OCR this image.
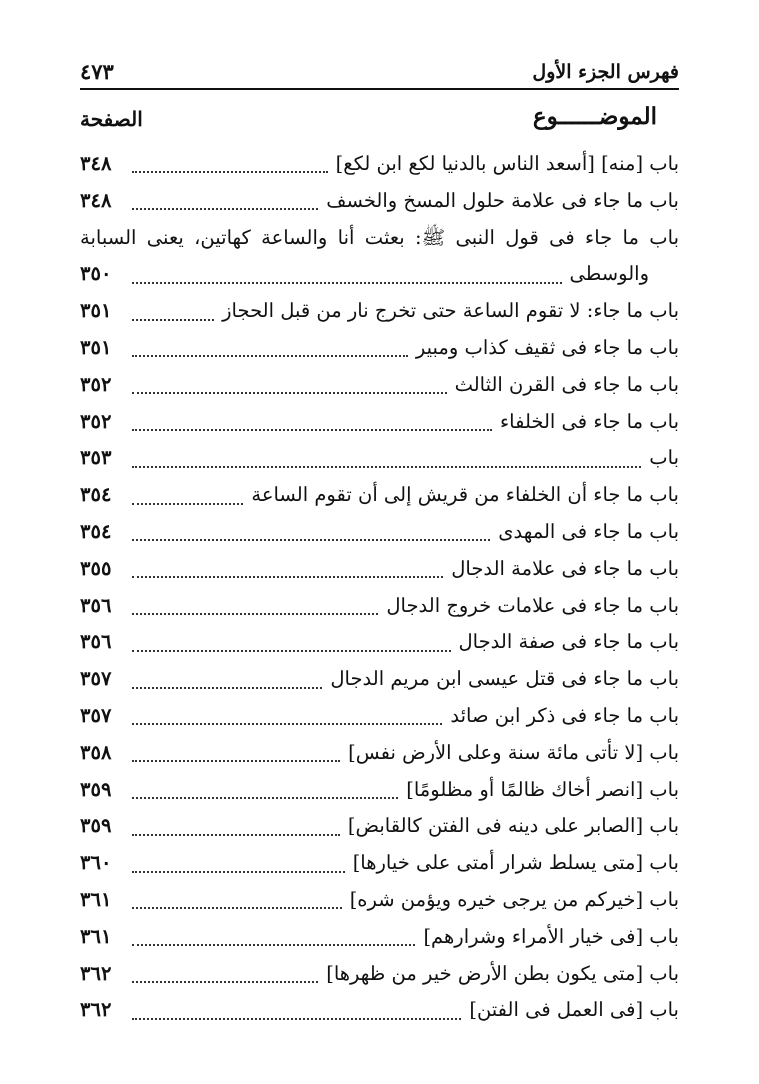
فهرس الجزء الأول
٤٧٣
الموضــــــوع
الصفحة
٣٤٨	باب [منه] [أسعد الناس بالدنيا لكع ابن لكع]
٣٤٨	باب ما جاء فى علامة حلول المسخ والخسف
باب ما جاء فى قول النبى ﷺ: بعثت أنا والساعة كهاتين، يعنى السبابة
٣٥٠	والوسطى
٣٥١	باب ما جاء: لا تقوم الساعة حتى تخرج نار من قبل الحجاز
٣٥١	باب ما جاء فى ثقيف كذاب ومبير
٣٥٢	باب ما جاء فى القرن الثالث
٣٥٢	باب ما جاء فى الخلفاء
٣٥٣	باب
٣٥٤	باب ما جاء أن الخلفاء من قريش إلى أن تقوم الساعة
٣٥٤	باب ما جاء فى المهدى
٣٥٥	باب ما جاء فى علامة الدجال
٣٥٦	باب ما جاء فى علامات خروج الدجال
٣٥٦	باب ما جاء فى صفة الدجال
٣٥٧	باب ما جاء فى قتل عيسى ابن مريم الدجال
٣٥٧	باب ما جاء فى ذكر ابن صائد
٣٥٨	باب [لا تأتى مائة سنة وعلى الأرض نفس]
٣٥٩	باب [انصر أخاك ظالمًا أو مظلومًا]
٣٥٩	باب [الصابر على دينه فى الفتن كالقابض]
٣٦٠	باب [متى يسلط شرار أمتى على خيارها]
٣٦١	باب [خيركم من يرجى خيره ويؤمن شره]
٣٦١	باب [فى خيار الأمراء وشرارهم]
٣٦٢	باب [متى يكون بطن الأرض خير من ظهرها]
٣٦٢	باب [فى العمل فى الفتن]
